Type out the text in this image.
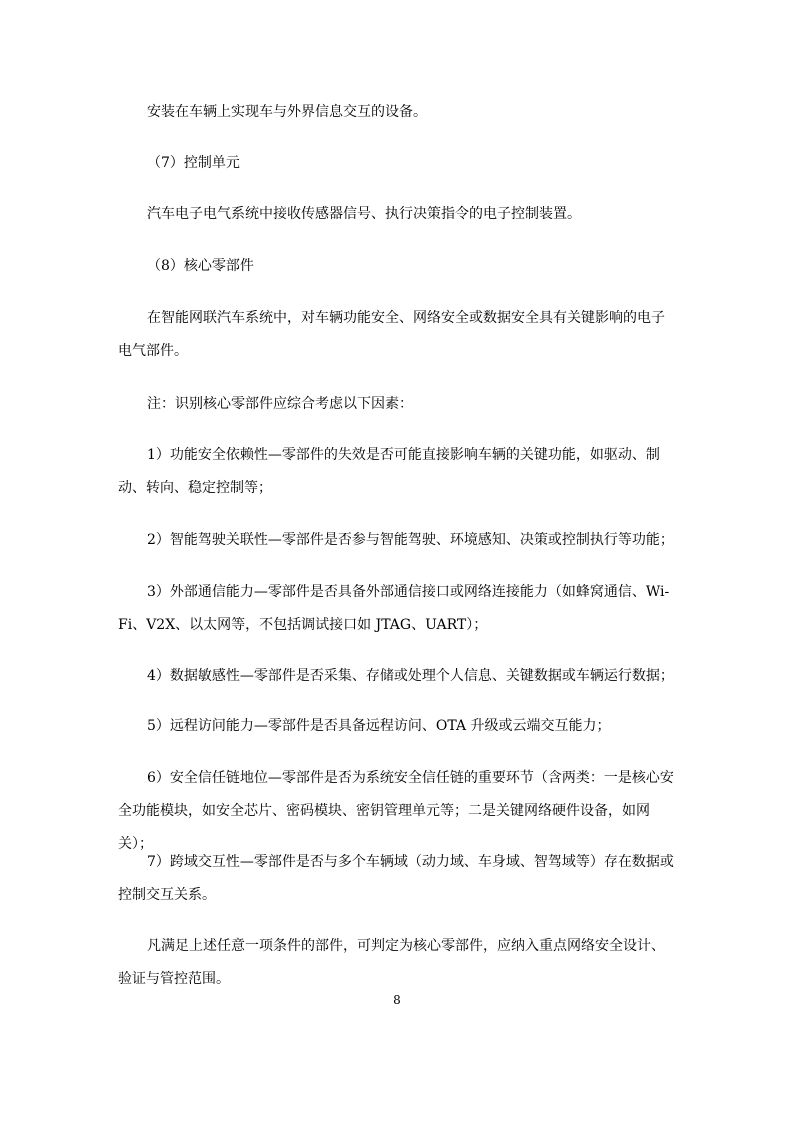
安装在车辆上实现车与外界信息交互的设备。

（7）控制单元

汽车电子电气系统中接收传感器信号、执行决策指令的电子控制装置。

（8）核心零部件

在智能网联汽车系统中，对车辆功能安全、网络安全或数据安全具有关键影响的电子电气部件。

注：识别核心零部件应综合考虑以下因素：

1）功能安全依赖性—零部件的失效是否可能直接影响车辆的关键功能，如驱动、制动、转向、稳定控制等；

2）智能驾驶关联性—零部件是否参与智能驾驶、环境感知、决策或控制执行等功能；

3）外部通信能力—零部件是否具备外部通信接口或网络连接能力（如蜂窝通信、Wi-Fi、V2X、以太网等，不包括调试接口如 JTAG、UART）；

4）数据敏感性—零部件是否采集、存储或处理个人信息、关键数据或车辆运行数据；

5）远程访问能力—零部件是否具备远程访问、OTA 升级或云端交互能力；

6）安全信任链地位—零部件是否为系统安全信任链的重要环节（含两类：一是核心安全功能模块，如安全芯片、密码模块、密钥管理单元等；二是关键网络硬件设备，如网关）；

7）跨域交互性—零部件是否与多个车辆域（动力域、车身域、智驾域等）存在数据或控制交互关系。

凡满足上述任意一项条件的部件，可判定为核心零部件，应纳入重点网络安全设计、验证与管控范围。

8
